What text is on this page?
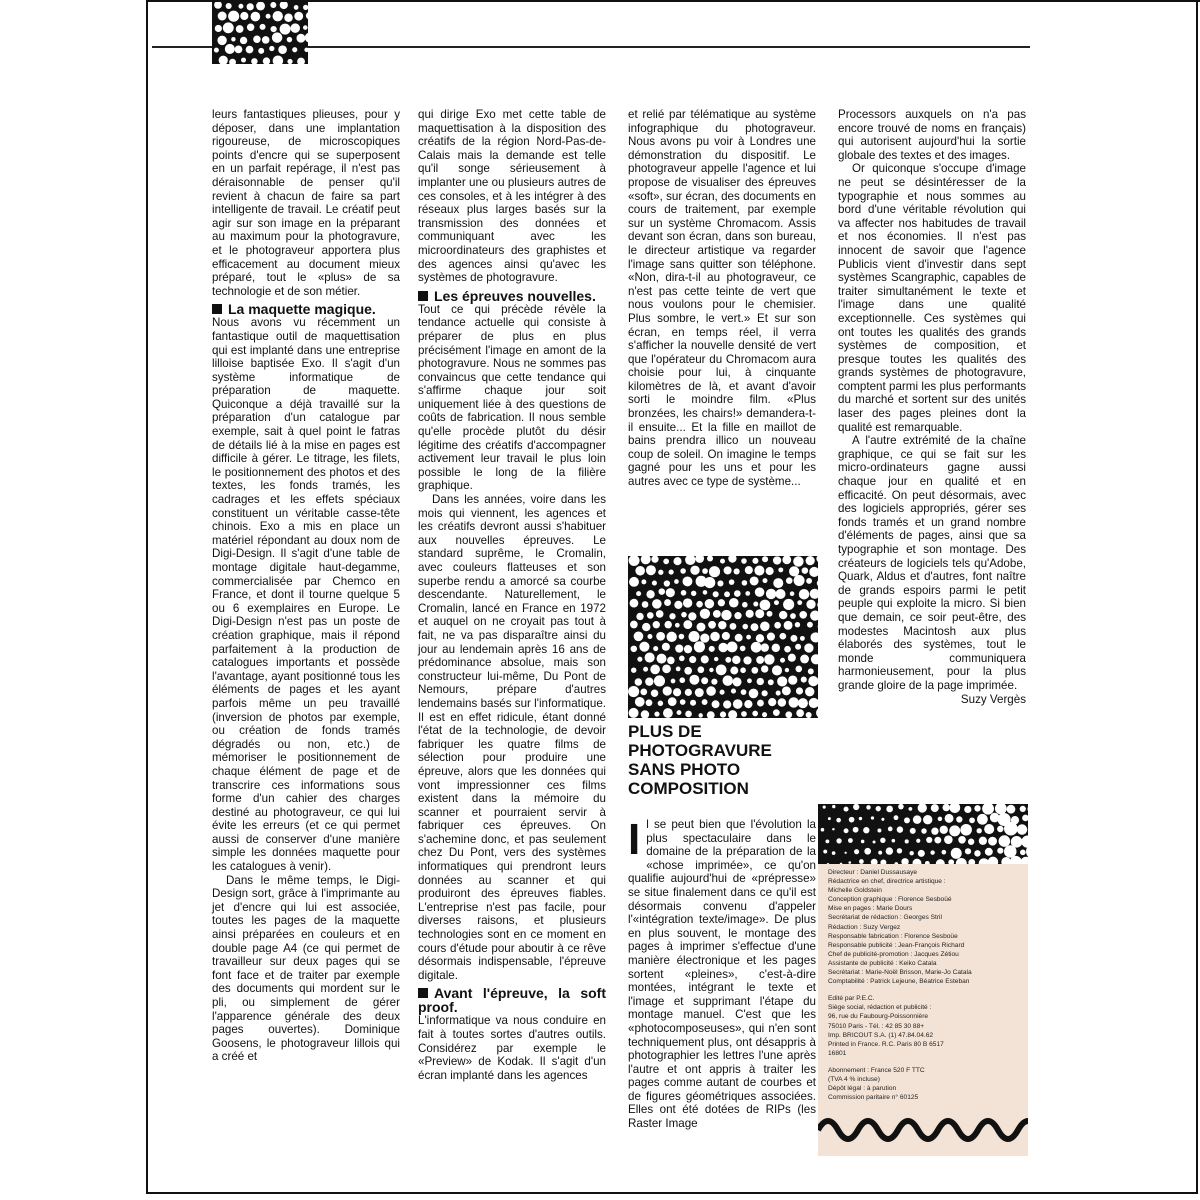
leurs fantastiques plieuses, pour y déposer, dans une implantation rigoureuse, de microscopiques points d'encre qui se superposent en un parfait repérage, il n'est pas déraisonnable de penser qu'il revient à chacun de faire sa part intelligente de travail. Le créatif peut agir sur son image en la préparant au maximum pour la photogravure, et le photograveur apportera plus efficacement au document mieux préparé, tout le «plus» de sa technologie et de son métier.

La maquette magique.

Nous avons vu récemment un fantastique outil de maquettisation qui est implanté dans une entreprise lilloise baptisée Exo. Il s'agit d'un système informatique de préparation de maquette. Quiconque a déjà travaillé sur la préparation d'un catalogue par exemple, sait à quel point le fatras de détails lié à la mise en pages est difficile à gérer. Le titrage, les filets, le positionnement des photos et des textes, les fonds tramés, les cadrages et les effets spéciaux constituent un véritable casse-tête chinois. Exo a mis en place un matériel répondant au doux nom de Digi-Design. Il s'agit d'une table de montage digitale haut-degamme, commercialisée par Chemco en France, et dont il tourne quelque 5 ou 6 exemplaires en Europe. Le Digi-Design n'est pas un poste de création graphique, mais il répond parfaitement à la production de catalogues importants et possède l'avantage, ayant positionné tous les éléments de pages et les ayant parfois même un peu travaillé (inversion de photos par exemple, ou création de fonds tramés dégradés ou non, etc.) de mémoriser le positionnement de chaque élément de page et de transcrire ces informations sous forme d'un cahier des charges destiné au photograveur, ce qui lui évite les erreurs (et ce qui permet aussi de conserver d'une manière simple les données maquette pour les catalogues à venir).

Dans le même temps, le Digi-Design sort, grâce à l'imprimante au jet d'encre qui lui est associée, toutes les pages de la maquette ainsi préparées en couleurs et en double page A4 (ce qui permet de travailleur sur deux pages qui se font face et de traiter par exemple des documents qui mordent sur le pli, ou simplement de gérer l'apparence générale des deux pages ouvertes). Dominique Goosens, le photograveur lillois qui a créé et

qui dirige Exo met cette table de maquettisation à la disposition des créatifs de la région Nord-Pas-de-Calais mais la demande est telle qu'il songe sérieusement à implanter une ou plusieurs autres de ces consoles, et à les intégrer à des réseaux plus larges basés sur la transmission des données et communiquant avec les microordinateurs des graphistes et des agences ainsi qu'avec les systèmes de photogravure.

Les épreuves nouvelles.

Tout ce qui précède révèle la tendance actuelle qui consiste à préparer de plus en plus précisément l'image en amont de la photogravure. Nous ne sommes pas convaincus que cette tendance qui s'affirme chaque jour soit uniquement liée à des questions de coûts de fabrication. Il nous semble qu'elle procède plutôt du désir légitime des créatifs d'accompagner activement leur travail le plus loin possible le long de la filière graphique.

Dans les années, voire dans les mois qui viennent, les agences et les créatifs devront aussi s'habituer aux nouvelles épreuves. Le standard suprême, le Cromalin, avec couleurs flatteuses et son superbe rendu a amorcé sa courbe descendante. Naturellement, le Cromalin, lancé en France en 1972 et auquel on ne croyait pas tout à fait, ne va pas disparaître ainsi du jour au lendemain après 16 ans de prédominance absolue, mais son constructeur lui-même, Du Pont de Nemours, prépare d'autres lendemains basés sur l'informatique. Il est en effet ridicule, étant donné l'état de la technologie, de devoir fabriquer les quatre films de sélection pour produire une épreuve, alors que les données qui vont impressionner ces films existent dans la mémoire du scanner et pourraient servir à fabriquer ces épreuves. On s'achemine donc, et pas seulement chez Du Pont, vers des systèmes informatiques qui prendront leurs données au scanner et qui produiront des épreuves fiables. L'entreprise n'est pas facile, pour diverses raisons, et plusieurs technologies sont en ce moment en cours d'étude pour aboutir à ce rêve désormais indispensable, l'épreuve digitale.

Avant l'épreuve, la soft proof.

L'informatique va nous conduire en fait à toutes sortes d'autres outils. Considérez par exemple le «Preview» de Kodak. Il s'agit d'un écran implanté dans les agences

et relié par télématique au système infographique du photograveur. Nous avons pu voir à Londres une démonstration du dispositif. Le photograveur appelle l'agence et lui propose de visualiser des épreuves «soft», sur écran, des documents en cours de traitement, par exemple sur un système Chromacom. Assis devant son écran, dans son bureau, le directeur artistique va regarder l'image sans quitter son téléphone. «Non, dira-t-il au photograveur, ce n'est pas cette teinte de vert que nous voulons pour le chemisier. Plus sombre, le vert.» Et sur son écran, en temps réel, il verra s'afficher la nouvelle densité de vert que l'opérateur du Chromacom aura choisie pour lui, à cinquante kilomètres de là, et avant d'avoir sorti le moindre film. «Plus bronzées, les chairs!» demandera-t-il ensuite... Et la fille en maillot de bains prendra illico un nouveau coup de soleil. On imagine le temps gagné pour les uns et pour les autres avec ce type de système...

PLUS DE
PHOTOGRAVURE
SANS PHOTO
COMPOSITION

Il se peut bien que l'évolution la plus spectaculaire dans le domaine de la préparation de la «chose imprimée», ce qu'on qualifie aujourd'hui de «prépresse» se situe finalement dans ce qu'il est désormais convenu d'appeler l'«intégration texte/image». De plus en plus souvent, le montage des pages à imprimer s'effectue d'une manière électronique et les pages sortent «pleines», c'est-à-dire montées, intégrant le texte et l'image et supprimant l'étape du montage manuel. C'est que les «photocomposeuses», qui n'en sont techniquement plus, ont désappris à photographier les lettres l'une après l'autre et ont appris à traiter les pages comme autant de courbes et de figures géométriques associées. Elles ont été dotées de RIPs (les Raster Image

Processors auxquels on n'a pas encore trouvé de noms en français) qui autorisent aujourd'hui la sortie globale des textes et des images.

Or quiconque s'occupe d'image ne peut se désintéresser de la typographie et nous sommes au bord d'une véritable révolution qui va affecter nos habitudes de travail et nos économies. Il n'est pas innocent de savoir que l'agence Publicis vient d'investir dans sept systèmes Scangraphic, capables de traiter simultanément le texte et l'image dans une qualité exceptionnelle. Ces systèmes qui ont toutes les qualités des grands systèmes de composition, et presque toutes les qualités des grands systèmes de photogravure, comptent parmi les plus performants du marché et sortent sur des unités laser des pages pleines dont la qualité est remarquable.

A l'autre extrémité de la chaîne graphique, ce qui se fait sur les micro-ordinateurs gagne aussi chaque jour en qualité et en efficacité. On peut désormais, avec des logiciels appropriés, gérer ses fonds tramés et un grand nombre d'éléments de pages, ainsi que sa typographie et son montage. Des créateurs de logiciels tels qu'Adobe, Quark, Aldus et d'autres, font naître de grands espoirs parmi le petit peuple qui exploite la micro. Si bien que demain, ce soir peut-être, des modestes Macintosh aux plus élaborés des systèmes, tout le monde communiquera harmonieusement, pour la plus grande gloire de la page imprimée.

Suzy Vergès

Directeur : Daniel Dussausaye
Rédactrice en chef, directrice artistique :
Michelle Goldstein
Conception graphique : Florence Sesboüé
Mise en pages : Marie Dours
Secrétariat de rédaction : Georges Stril
Rédaction : Suzy Vergez
Responsable fabrication : Florence Sesboüe
Responsable publicité : Jean-François Richard
Chef de publicité-promotion : Jacques Zétiou
Assistante de publicité : Keiko Catala
Secrétariat : Marie-Noël Brisson, Marie-Jo Catala
Comptabilité : Patrick Lejeune, Béatrice Esteban
Edité par P.E.C.
Siège social, rédaction et publicité :
96, rue du Faubourg-Poissonnière
75010 Paris - Tél. : 42 85 30 88+
Imp. BRICOUT S.A. (1) 47.84.04.62
Printed in France. R.C. Paris 80 B 6517
16801
Abonnement : France 520 F TTC
(TVA 4 % incluse)
Dépôt légal : à parution
Commission paritaire n° 60125
